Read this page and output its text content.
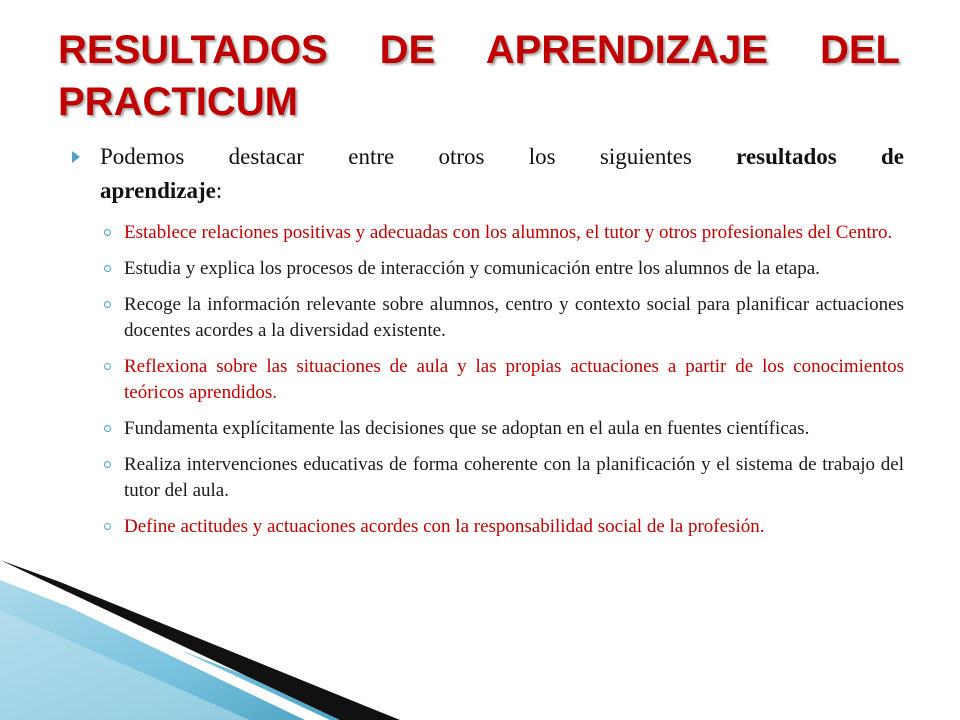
RESULTADOS DE APRENDIZAJE DEL
PRACTICUM
Podemos destacar entre otros los siguientes resultados de
aprendizaje:
Establece relaciones positivas y adecuadas con los alumnos, el tutor y otros profesionales del Centro.
Estudia y explica los procesos de interacción y comunicación entre los alumnos de la etapa.
Recoge la información relevante sobre alumnos, centro y contexto social para planificar actuaciones docentes acordes a la diversidad existente.
Reflexiona sobre las situaciones de aula y las propias actuaciones a partir de los conocimientos teóricos aprendidos.
Fundamenta explícitamente las decisiones que se adoptan en el aula en fuentes científicas.
Realiza intervenciones educativas de forma coherente con la planificación y el sistema de trabajo del tutor del aula.
Define actitudes y actuaciones acordes con la responsabilidad social de la profesión.
